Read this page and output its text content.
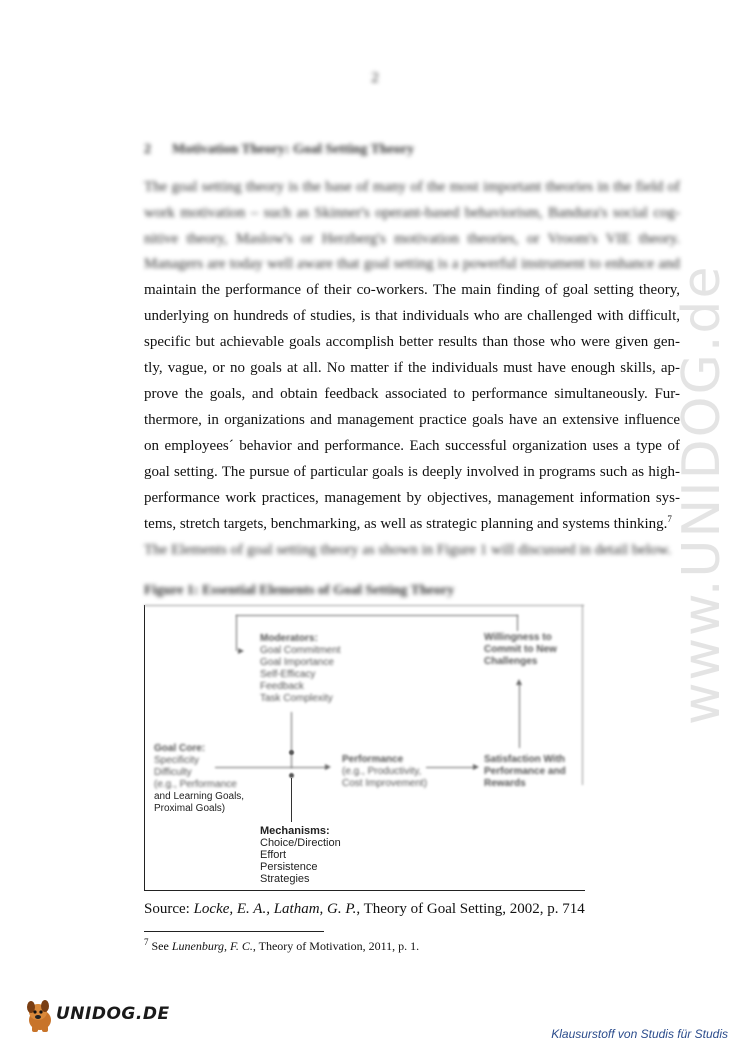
www.UNIDOG.de
2
2 Motivation Theory: Goal Setting Theory
The goal setting theory is the base of many of the most important theories in the field of
work motivation – such as Skinner's operant-based behaviorism, Bandura's social cog-
nitive theory, Maslow's or Herzberg's motivation theories, or Vroom's VIE theory.
Managers are today well aware that goal setting is a powerful instrument to enhance and
maintain the performance of their co-workers. The main finding of goal setting theory,
underlying on hundreds of studies, is that individuals who are challenged with difficult,
specific but achievable goals accomplish better results than those who were given gen-
tly, vague, or no goals at all. No matter if the individuals must have enough skills, ap-
prove the goals, and obtain feedback associated to performance simultaneously. Fur-
thermore, in organizations and management practice goals have an extensive influence
on employees´ behavior and performance. Each successful organization uses a type of
goal setting. The pursue of particular goals is deeply involved in programs such as high-
performance work practices, management by objectives, management information sys-
tems, stretch targets, benchmarking, as well as strategic planning and systems thinking.$^7$
The Elements of goal setting theory as shown in Figure 1 will discussed in detail below.
Figure 1: Essential Elements of Goal Setting Theory
Moderators:
Goal Commitment
Goal Importance
Self-Efficacy
Feedback
Task Complexity
Willingness to
Commit to New
Challenges
Goal Core:
Specificity
Difficulty
(e.g., Performance
and Learning Goals,
Proximal Goals)
Performance
(e.g., Productivity,
Cost Improvement)
Satisfaction With
Performance and
Rewards
Mechanisms:
Choice/Direction
Effort
Persistence
Strategies
Source: Locke, E. A., Latham, G. P., Theory of Goal Setting, 2002, p. 714
$^7$ See Lunenburg, F. C., Theory of Motivation, 2011, p. 1.
UNIDOG.DE
Klausurstoff von Studis für Studis
